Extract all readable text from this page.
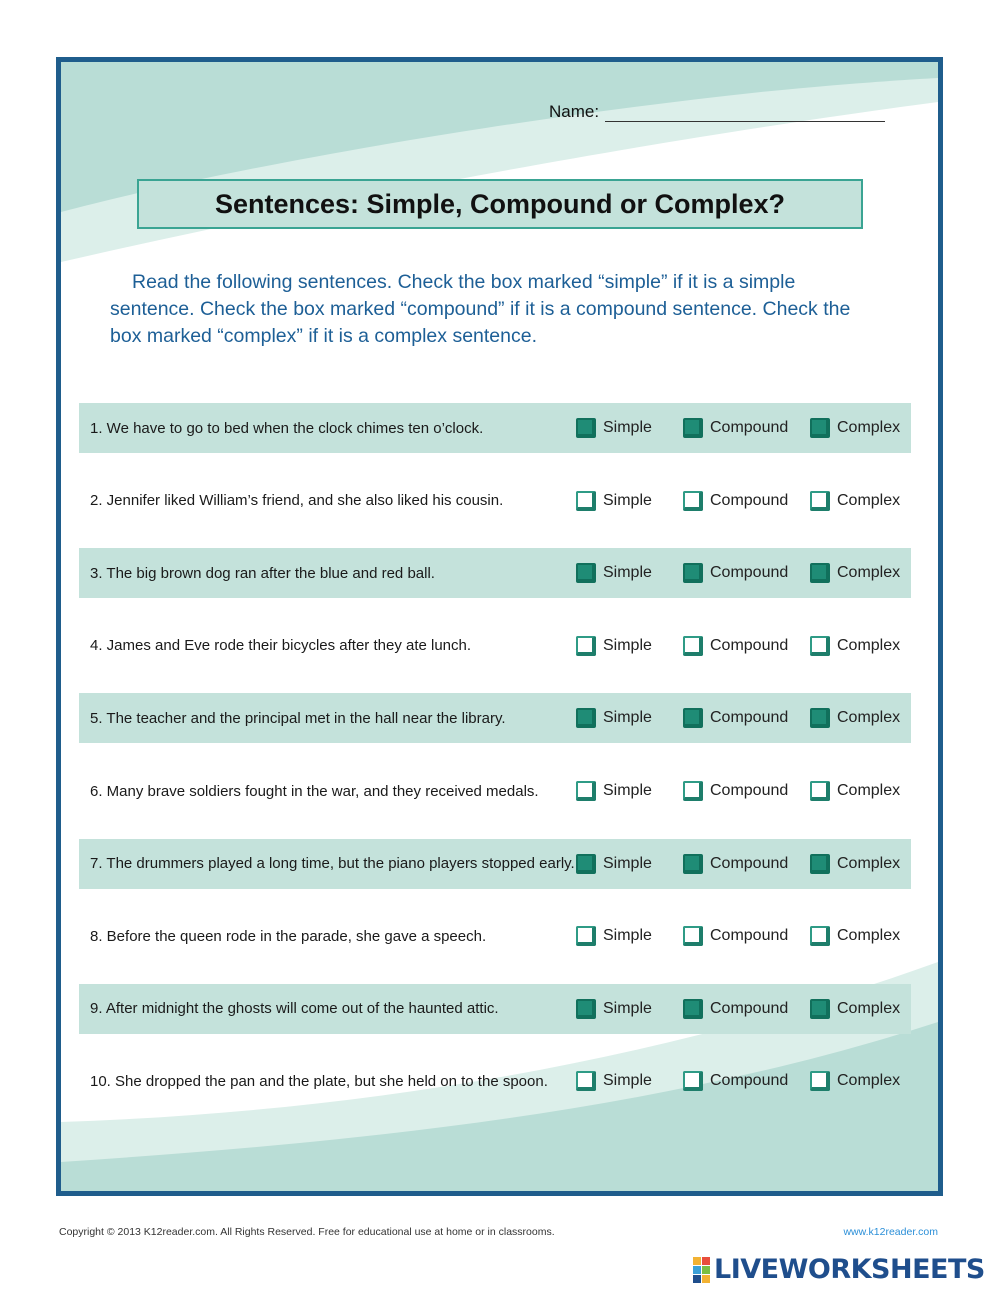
Name:
Sentences: Simple, Compound or Complex?
Read the following sentences. Check the box marked “simple” if it is a simple sentence. Check the box marked “compound” if it is a compound sentence. Check the box marked “complex” if it is a complex sentence.
1. We have to go to bed when the clock chimes ten o’clock.	Simple	Compound	Complex
2. Jennifer liked William’s friend, and she also liked his cousin.	Simple	Compound	Complex
3. The big brown dog ran after the blue and red ball.	Simple	Compound	Complex
4. James and Eve rode their bicycles after they ate lunch.	Simple	Compound	Complex
5. The teacher and the principal met in the hall near the library.	Simple	Compound	Complex
6. Many brave soldiers fought in the war, and they received medals.	Simple	Compound	Complex
7. The drummers played a long time, but the piano players stopped early. Simple	Compound	Complex
8. Before the queen rode in the parade, she gave a speech.	Simple	Compound	Complex
9. After midnight the ghosts will come out of the haunted attic.	Simple	Compound	Complex
10. She dropped the pan and the plate, but she held on to the spoon.	Simple	Compound	Complex
Copyright © 2013 K12reader.com. All Rights Reserved. Free for educational use at home or in classrooms.	www.k12reader.com
LIVEWORKSHEETS
